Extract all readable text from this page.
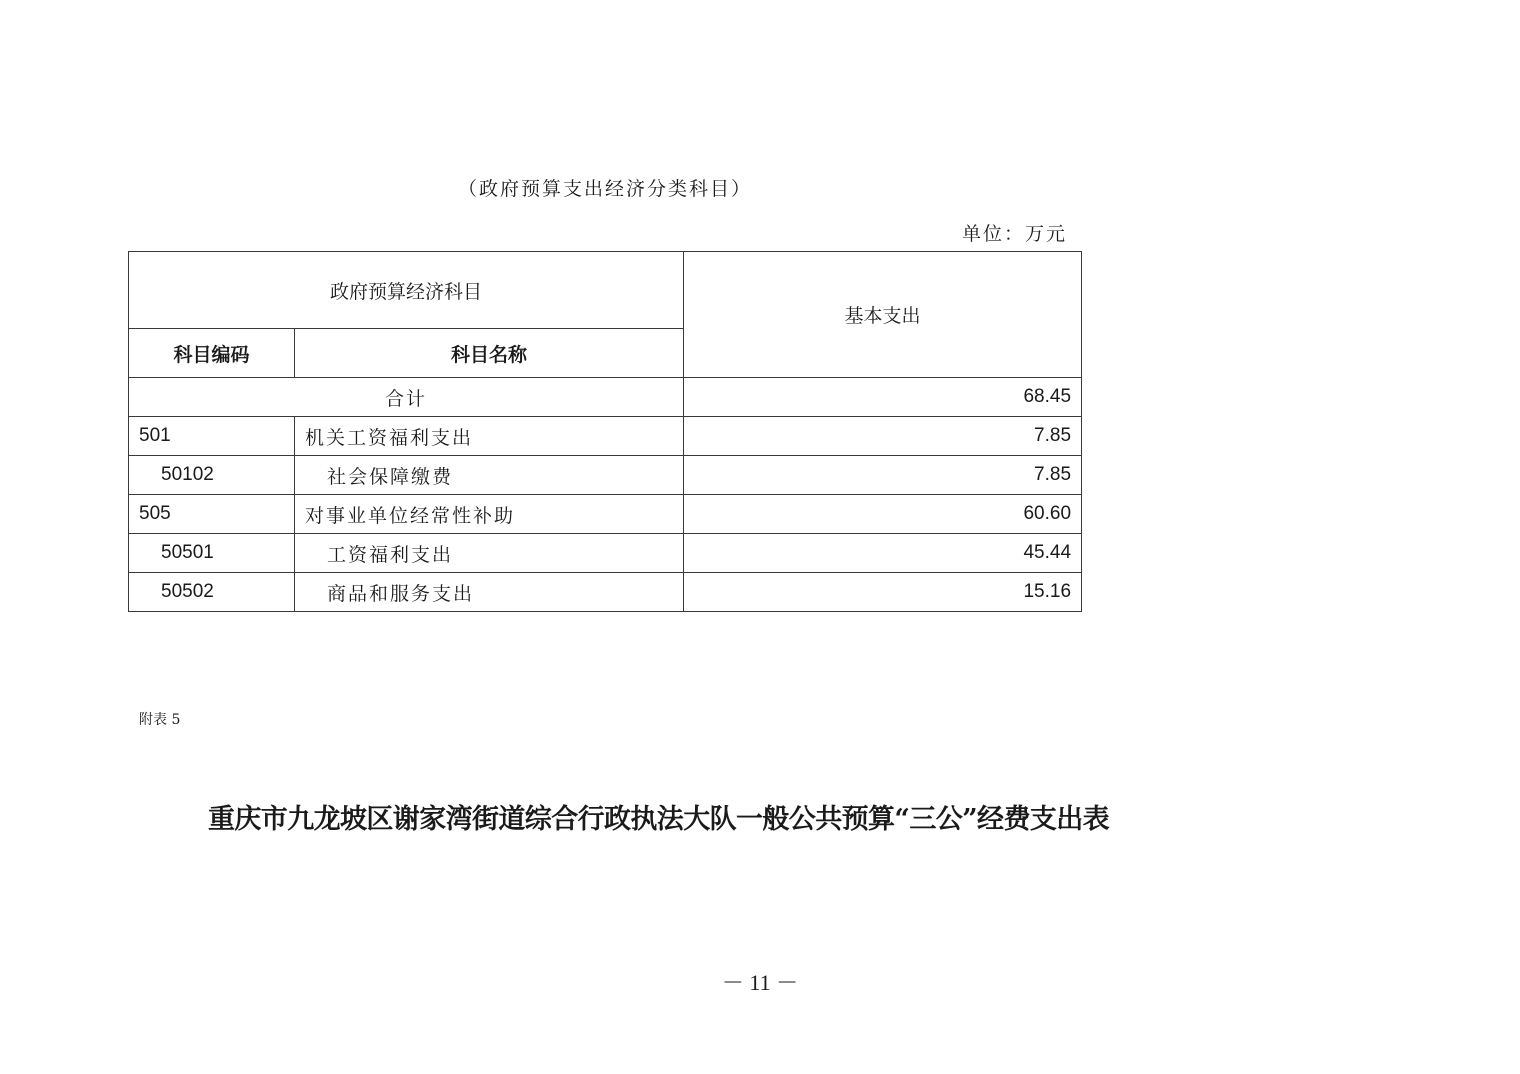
（政府预算支出经济分类科目）
单位：万元
政府预算经济科目		基本支出
科目编码	科目名称	
合计		68.45
501	机关工资福利支出	7.85
50102	社会保障缴费	7.85
505	对事业单位经常性补助	60.60
50501	工资福利支出	45.44
50502	商品和服务支出	15.16
附表 5
重庆市九龙坡区谢家湾街道综合行政执法大队一般公共预算“三公”经费支出表
－ 11 －
